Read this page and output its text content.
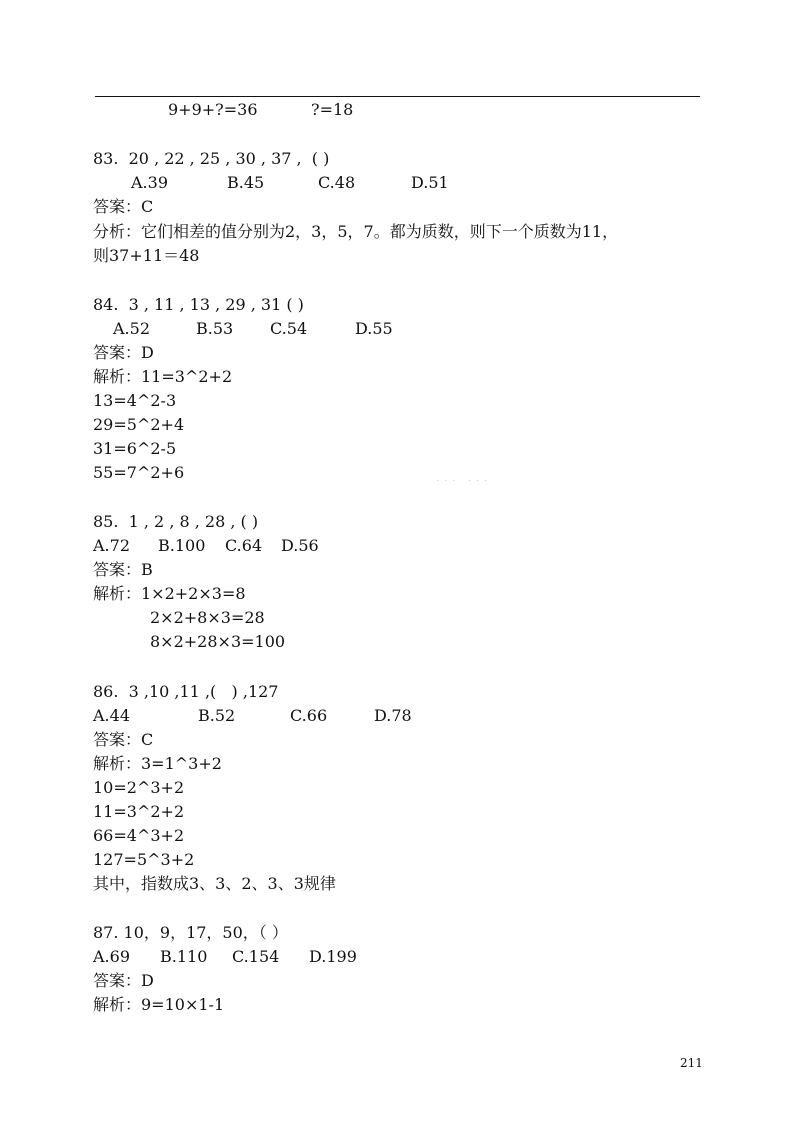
9+9+?=36	?=18
83.  20 , 22 , 25 , 30 , 37 ,  ( )
A.39	B.45	C.48	D.51
答案：C
分析：它们相差的值分别为2，3，5，7。都为质数，则下一个质数为11，
则37+11＝48
84.  3 , 11 , 13 , 29 , 31 ( )
A.52	B.53 C.54	D.55
答案：D
解析：11=3^2+2
13=4^2-3
29=5^2+4
31=6^2-5
55=7^2+6	··· ···
85.  1 , 2 , 8 , 28 , ( )
A.72 B.100 C.64 D.56
答案：B
解析：1×2+2×3=8
2×2+8×3=28
8×2+28×3=100
86.  3 ,10 ,11 ,(   ) ,127
A.44	B.52	C.66	D.78
答案：C
解析：3=1^3+2
10=2^3+2
11=3^2+2
66=4^3+2
127=5^3+2
其中，指数成3、3、2、3、3规律
87. 10，9，17，50，（ ）
A.69 B.110 C.154 D.199
答案：D
解析：9=10×1-1
211
